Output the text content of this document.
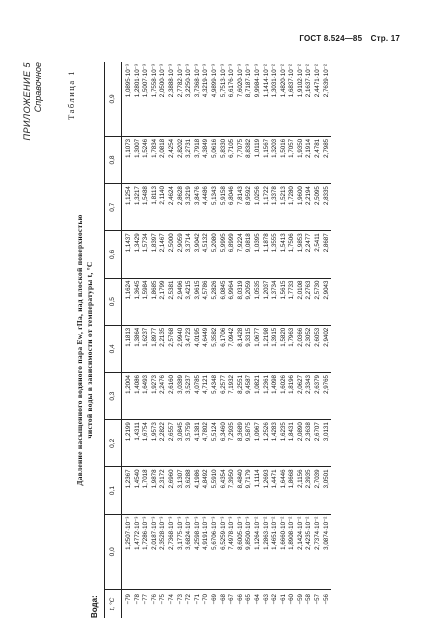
ГОСТ 8.524—85 Стр. 17
ПРИЛОЖЕНИЕ 5 Справочное	Таблица 1
Давление насыщенного водяного пара Ew, гПа, над плоской поверхностью чистой воды в зависимости от температуры t, °C
Вода: t, °C	0,0	0,1	0,2	0,3	0,4	0,5	0,6	0,7	0,8	0,9
−79	1,2507·10⁻³	1,2367	1,2199	1,2004	1,1813	1,1624	1,1437	1,1254	1,1073	1,0895·10⁻³
−78	1,4772·10⁻³	1,4540	1,4311	1,4086	1,3864	1,3645	1,3429	1,3217	1,3007	1,2801·10⁻³
−77	1,7286·10⁻³	1,7018	1,6754	1,6493	1,6237	1,5984	1,5734	1,5488	1,5246	1,5007·10⁻³
−76	2,0187·10⁻³	1,9878	1,9573	1,9273	1,8977	1,8685	1,8397	1,8113	1,7834	1,7558·10⁻³
−75	2,3528·10⁻³	2,3172	2,2822	2,2476	2,2135	2,1799	2,1467	2,1140	2,0818	2,0500·10⁻³
−74	2,7368·10⁻³	2,6960	2,6557	2,6160	2,5768	2,5381	2,5000	2,4624	2,4254	2,3888·10⁻³
−73	3,1775·10⁻³	3,1307	3,0845	3,0389	2,9940	2,9496	2,9059	2,8628	2,8202	2,7782·10⁻³
−72	3,6824·10⁻³	3,6288	3,5759	3,5237	3,4723	3,4215	3,3714	3,3219	3,2731	3,2250·10⁻³
−71	4,2598·10⁻³	4,1986	4,1381	4,0785	4,0195	3,9615	3,9042	3,8476	3,7918	3,7368·10⁻³
−70	4,9191·10⁻³	4,8492	4,7802	4,7121	4,6449	4,5786	4,5132	4,4486	4,3849	4,3219·10⁻³
−69	5,6706·10⁻³	5,5910	5,5124	5,4348	5,3582	5,2826	5,2080	5,1343	5,0616	4,9899·10⁻³
−68	6,5259·10⁻³	6,4354	6,3460	6,2577	6,1706	6,0845	5,9995	5,9158	5,8330	5,7513·10⁻³
−67	7,4978·10⁻³	7,3950	7,2935	7,1932	7,0942	6,9964	6,8999	6,8046	6,7105	6,6176·10⁻³
−66	8,6005·10⁻³	8,4840	8,3689	8,2551	8,1428	8,0319	7,9224	7,8143	7,7075	7,6020·10⁻³
−65	9,8500·10⁻³	9,7179	9,5875	9,4587	9,3315	9,2059	9,0818	8,9592	8,8382	8,7187·10⁻³
−64	1,1264·10⁻²	1,1114	1,0967	1,0821	1,0677	1,0535	1,0395	1,0256	1,0119	9,9984·10⁻³
−63	1,2863·10⁻²	1,2693	1,2526	1,2361	1,2198	1,2037	1,1878	1,1722	1,1567	1,1414·10⁻²
−62	1,4651·10⁻²	1,4471	1,4283	1,4098	1,3915	1,3734	1,3555	1,3378	1,3203	1,3031·10⁻²
−61	1,6660·10⁻²	1,6446	1,6235	1,6026	1,5820	1,5615	1,5413	1,5213	1,5016	1,4820·10⁻²
−60	1,8908·10⁻²	1,8668	1,8431	1,8196	1,7963	1,7733	1,7506	1,7280	1,7057	1,6837·10⁻²
−59	2,1424·10⁻²	2,1156	2,0890	2,0627	2,0366	2,0108	1,9853	1,9600	1,9350	1,9102·10⁻²
−58	2,4235·10⁻²	2,3935	2,3638	2,3343	2,3052	2,2763	2,2477	2,2194	2,1914	2,1637·10⁻²
−57	2,7374·10⁻²	2,7039	2,6707	2,6379	2,6053	2,5730	2,5411	2,5095	2,4781	2,4471·10⁻²
−56	3,0874·10⁻²	3,0501	3,0131	2,9765	2,9402	2,9043	2,8687	2,8335	2,7985	2,7639·10⁻²
